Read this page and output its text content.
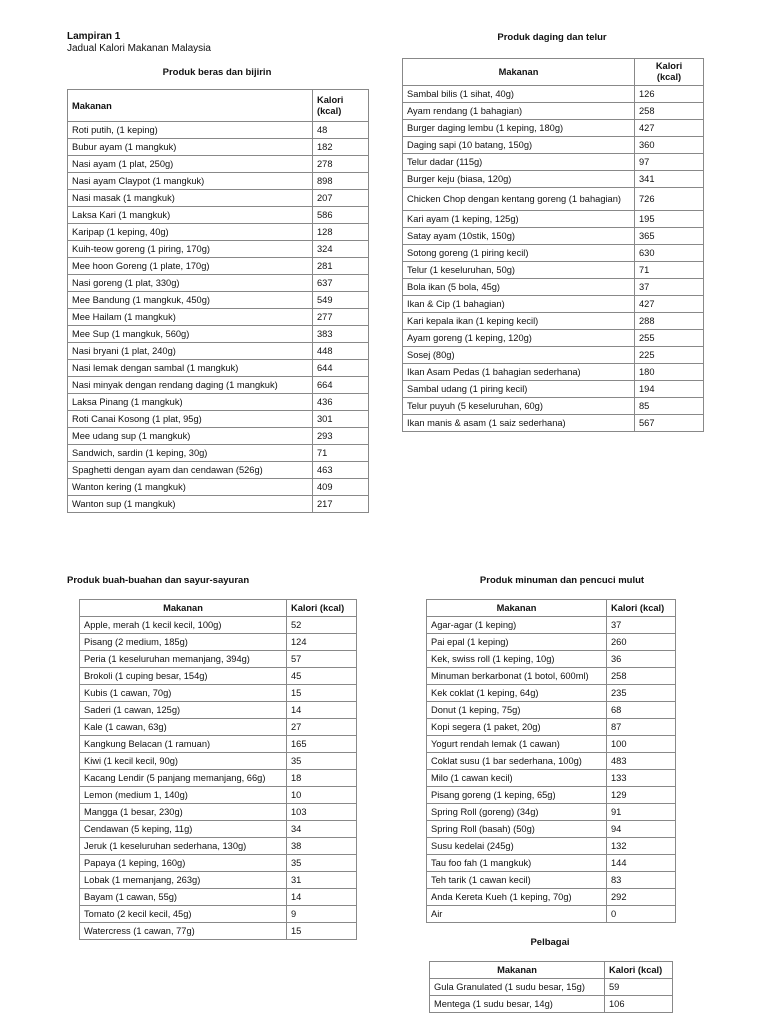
Lampiran 1
Jadual Kalori Makanan Malaysia
Produk beras dan bijirin
Makanan	Kalori
(kcal)
Roti putih, (1 keping)	48
Bubur ayam (1 mangkuk)	182
Nasi ayam (1 plat, 250g)	278
Nasi ayam Claypot (1 mangkuk)	898
Nasi masak (1 mangkuk)	207
Laksa Kari (1 mangkuk)	586
Karipap (1 keping, 40g)	128
Kuih-teow goreng (1 piring, 170g)	324
Mee hoon Goreng (1 plate, 170g)	281
Nasi goreng (1 plat, 330g)	637
Mee Bandung (1 mangkuk, 450g)	549
Mee Hailam (1 mangkuk)	277
Mee Sup (1 mangkuk, 560g)	383
Nasi bryani (1 plat, 240g)	448
Nasi lemak dengan sambal (1 mangkuk)	644
Nasi minyak dengan rendang daging (1 mangkuk)	664
Laksa Pinang (1 mangkuk)	436
Roti Canai Kosong (1 plat, 95g)	301
Mee udang sup (1 mangkuk)	293
Sandwich, sardin (1 keping, 30g)	71
Spaghetti dengan ayam dan cendawan (526g)	463
Wanton kering (1 mangkuk)	409
Wanton sup (1 mangkuk)	217
Produk daging dan telur
Makanan	Kalori
(kcal)
Sambal bilis (1 sihat, 40g)	126
Ayam rendang (1 bahagian)	258
Burger daging lembu (1 keping, 180g)	427
Daging sapi (10 batang, 150g)	360
Telur dadar (115g)	97
Burger keju (biasa, 120g)	341
Chicken Chop dengan kentang goreng (1 bahagian)	726
Kari ayam (1 keping, 125g)	195
Satay ayam (10stik, 150g)	365
Sotong goreng (1 piring kecil)	630
Telur (1 keseluruhan, 50g)	71
Bola ikan (5 bola, 45g)	37
Ikan & Cip (1 bahagian)	427
Kari kepala ikan (1 keping kecil)	288
Ayam goreng (1 keping, 120g)	255
Sosej (80g)	225
Ikan Asam Pedas (1 bahagian sederhana)	180
Sambal udang (1 piring kecil)	194
Telur puyuh (5 keseluruhan, 60g)	85
Ikan manis & asam (1 saiz sederhana)	567
Produk buah-buahan dan sayur-sayuran
Makanan	Kalori (kcal)
Apple, merah (1 kecil kecil, 100g)	52
Pisang (2 medium, 185g)	124
Peria (1 keseluruhan memanjang, 394g)	57
Brokoli (1 cuping besar, 154g)	45
Kubis (1 cawan, 70g)	15
Saderi (1 cawan, 125g)	14
Kale (1 cawan, 63g)	27
Kangkung Belacan (1 ramuan)	165
Kiwi (1 kecil kecil, 90g)	35
Kacang Lendir (5 panjang memanjang, 66g)	18
Lemon (medium 1, 140g)	10
Mangga (1 besar, 230g)	103
Cendawan (5 keping, 11g)	34
Jeruk (1 keseluruhan sederhana, 130g)	38
Papaya (1 keping, 160g)	35
Lobak (1 memanjang, 263g)	31
Bayam (1 cawan, 55g)	14
Tomato (2 kecil kecil, 45g)	9
Watercress (1 cawan, 77g)	15
Produk minuman dan pencuci mulut
Makanan	Kalori (kcal)
Agar-agar (1 keping)	37
Pai epal (1 keping)	260
Kek, swiss roll (1 keping, 10g)	36
Minuman berkarbonat (1 botol, 600ml)	258
Kek coklat (1 keping, 64g)	235
Donut (1 keping, 75g)	68
Kopi segera (1 paket, 20g)	87
Yogurt rendah lemak (1 cawan)	100
Coklat susu (1 bar sederhana, 100g)	483
Milo (1 cawan kecil)	133
Pisang goreng (1 keping, 65g)	129
Spring Roll (goreng) (34g)	91
Spring Roll (basah) (50g)	94
Susu kedelai (245g)	132
Tau foo fah (1 mangkuk)	144
Teh tarik (1 cawan kecil)	83
Anda Kereta Kueh (1 keping, 70g)	292
Air	0
Pelbagai
Makanan	Kalori (kcal)
Gula Granulated (1 sudu besar, 15g)	59
Mentega (1 sudu besar, 14g)	106
